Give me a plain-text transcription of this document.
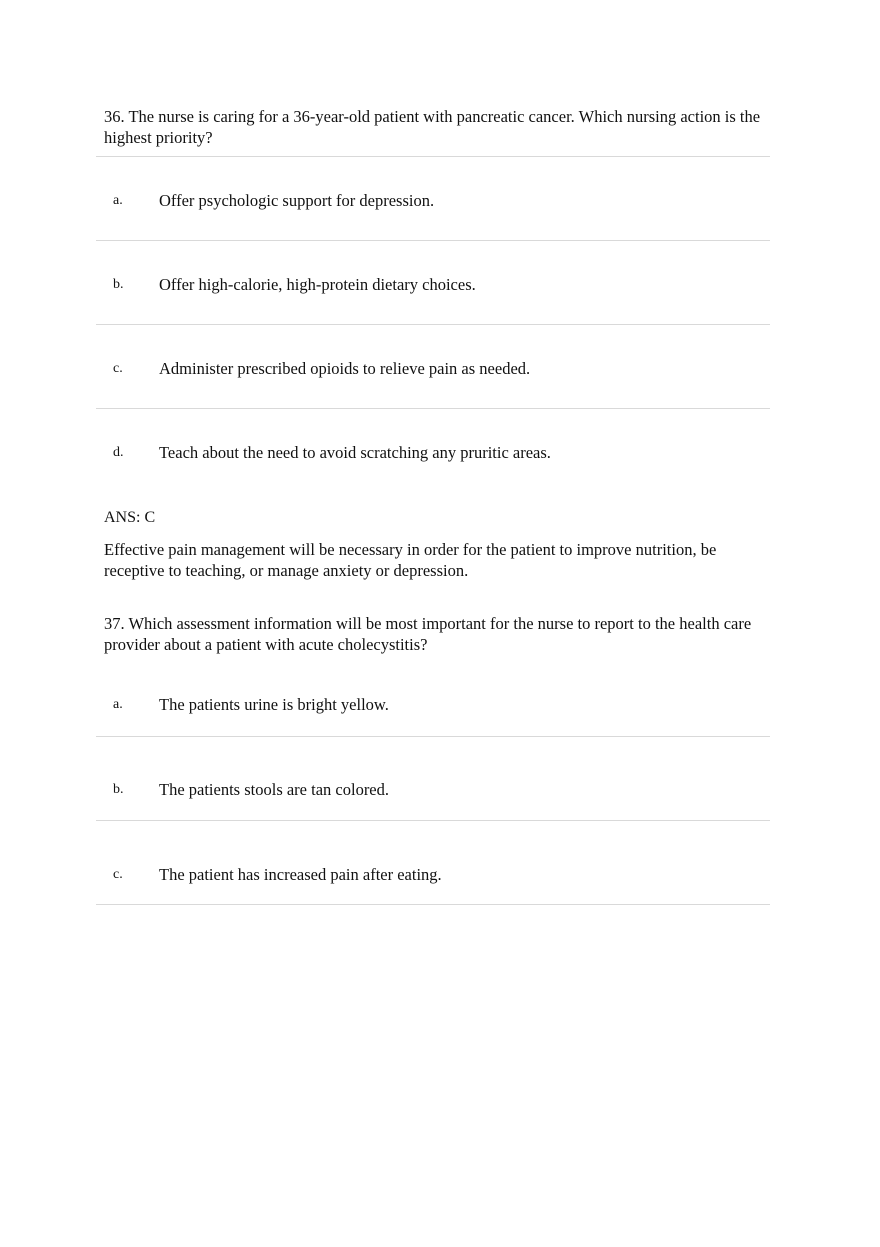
36. The nurse is caring for a 36-year-old patient with pancreatic cancer. Which nursing action is the highest priority?

a. Offer psychologic support for depression.
b. Offer high-calorie, high-protein dietary choices.
c. Administer prescribed opioids to relieve pain as needed.
d. Teach about the need to avoid scratching any pruritic areas.

ANS: C

Effective pain management will be necessary in order for the patient to improve nutrition, be receptive to teaching, or manage anxiety or depression.

37. Which assessment information will be most important for the nurse to report to the health care provider about a patient with acute cholecystitis?

a. The patients urine is bright yellow.
b. The patients stools are tan colored.
c. The patient has increased pain after eating.
